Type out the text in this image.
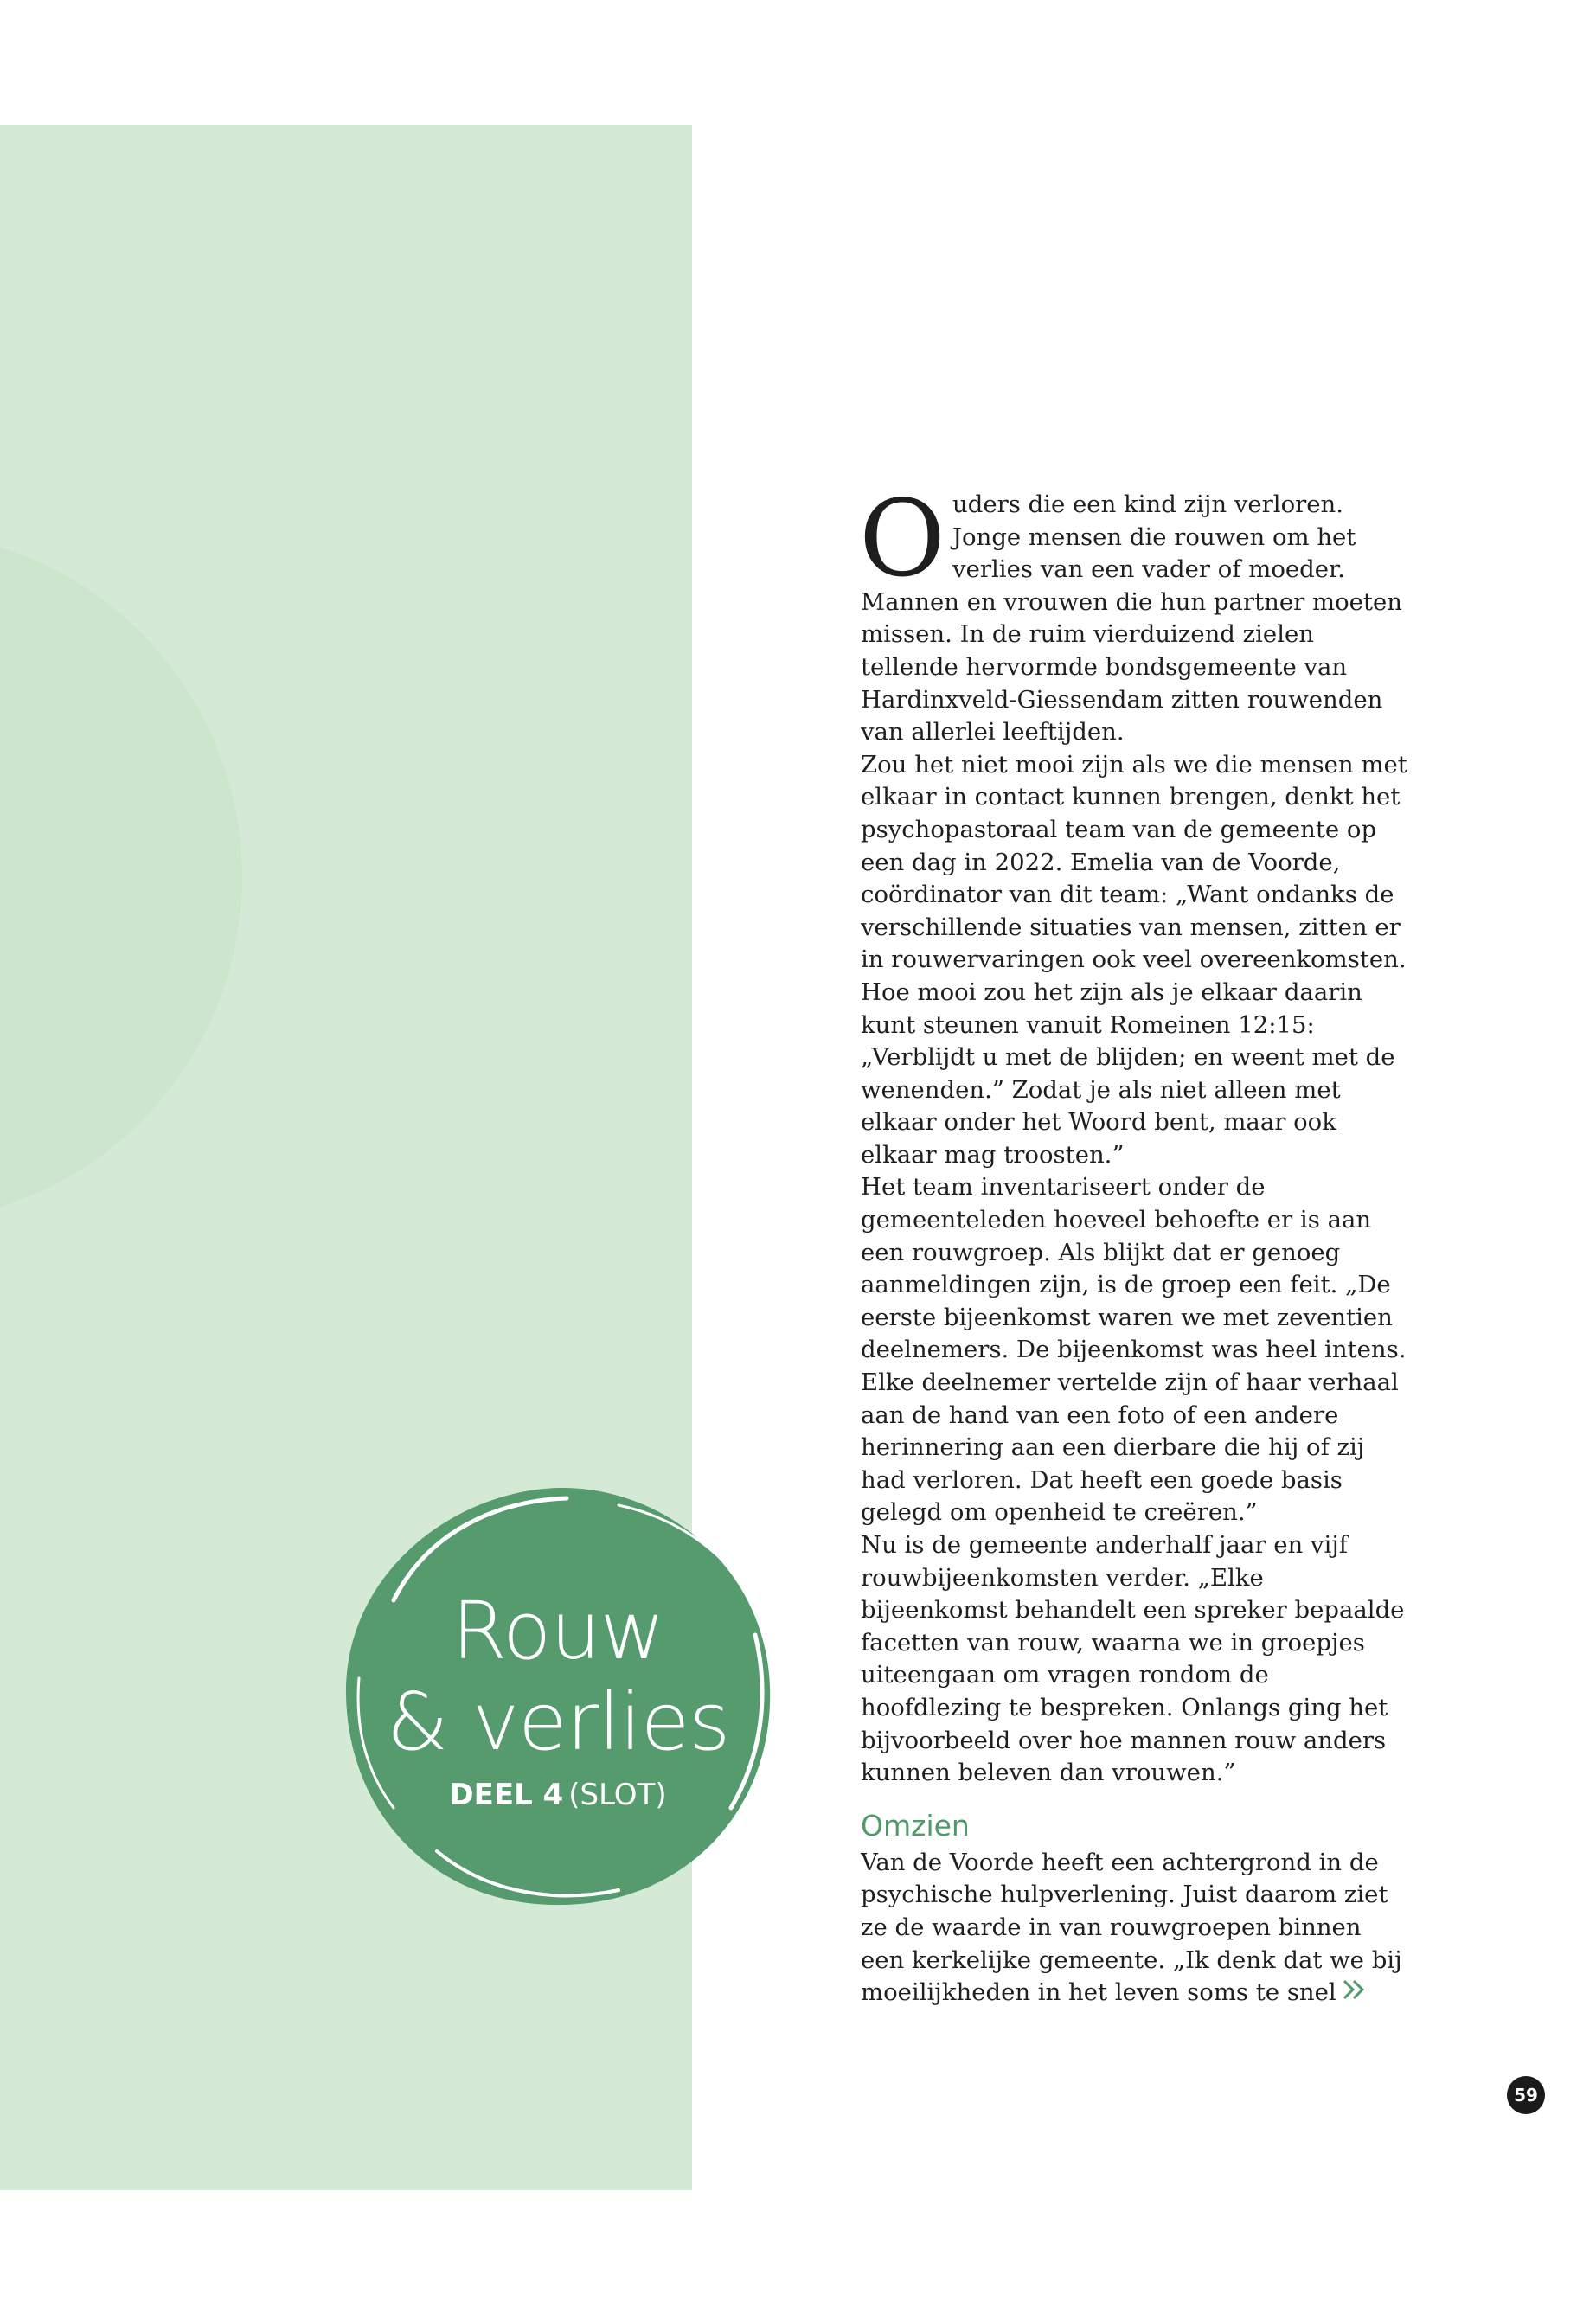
Rouw
& verlies
DEEL 4 (SLOT)

Ouders die een kind zijn verloren. Jonge mensen die rouwen om het verlies van een vader of moeder. Mannen en vrouwen die hun partner moeten missen. In de ruim vierduizend zielen tellende hervormde bondsgemeente van Hardinxveld-Giessendam zitten rouwenden van allerlei leeftijden.

Zou het niet mooi zijn als we die mensen met elkaar in contact kunnen brengen, denkt het psychopastoraal team van de gemeente op een dag in 2022. Emelia van de Voorde, coördinator van dit team: „Want ondanks de verschillende situaties van mensen, zitten er in rouwervaringen ook veel overeenkomsten. Hoe mooi zou het zijn als je elkaar daarin kunt steunen vanuit Romeinen 12:15: „Verblijdt u met de blijden; en weent met de wenenden.” Zodat je als niet alleen met elkaar onder het Woord bent, maar ook elkaar mag troosten.”

Het team inventariseert onder de gemeenteleden hoeveel behoefte er is aan een rouwgroep. Als blijkt dat er genoeg aanmeldingen zijn, is de groep een feit. „De eerste bijeenkomst waren we met zeventien deelnemers. De bijeenkomst was heel intens. Elke deelnemer vertelde zijn of haar verhaal aan de hand van een foto of een andere herinnering aan een dierbare die hij of zij had verloren. Dat heeft een goede basis gelegd om openheid te creëren.”

Nu is de gemeente anderhalf jaar en vijf rouwbijeenkomsten verder. „Elke bijeenkomst behandelt een spreker bepaalde facetten van rouw, waarna we in groepjes uiteengaan om vragen rondom de hoofdlezing te bespreken. Onlangs ging het bijvoorbeeld over hoe mannen rouw anders kunnen beleven dan vrouwen.”

Omzien

Van de Voorde heeft een achtergrond in de psychische hulpverlening. Juist daarom ziet ze de waarde in van rouwgroepen binnen een kerkelijke gemeente. „Ik denk dat we bij moeilijkheden in het leven soms te snel

59
